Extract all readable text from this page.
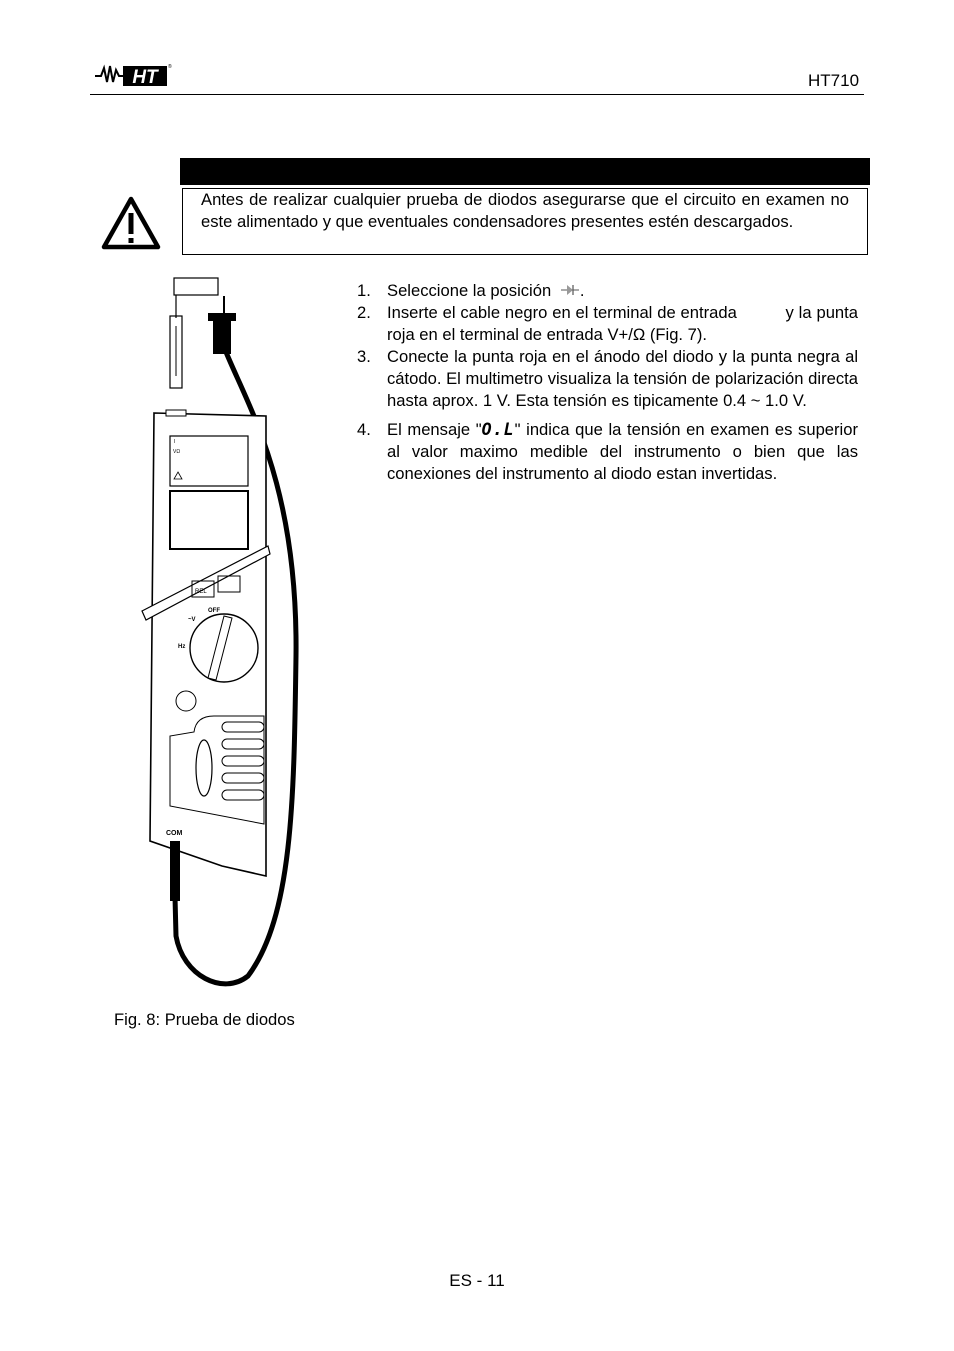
HT ®
HT710
Antes de realizar cualquier prueba de diodos asegurarse que el circuito en examen no este alimentado y que eventuales condensadores presentes estén descargados.
I
VΩ
REL
OFF
~V
Hz
COM
Fig. 8: Prueba de diodos
1. Seleccione la posición .
2. Inserte el cable negro en el terminal de entrada          y la punta roja en el terminal de entrada V+/Ω (Fig. 7).
3. Conecte la punta roja en el ánodo del diodo y la punta negra al cátodo. El multimetro visualiza la tensión de polarización directa hasta aprox. 1 V. Esta tensión es tipicamente 0.4 ~ 1.0 V.
4. El mensaje "O.L" indica que la tensión en examen es superior al valor maximo medible del instrumento o bien que las conexiones del instrumento al diodo estan invertidas.
ES - 11
